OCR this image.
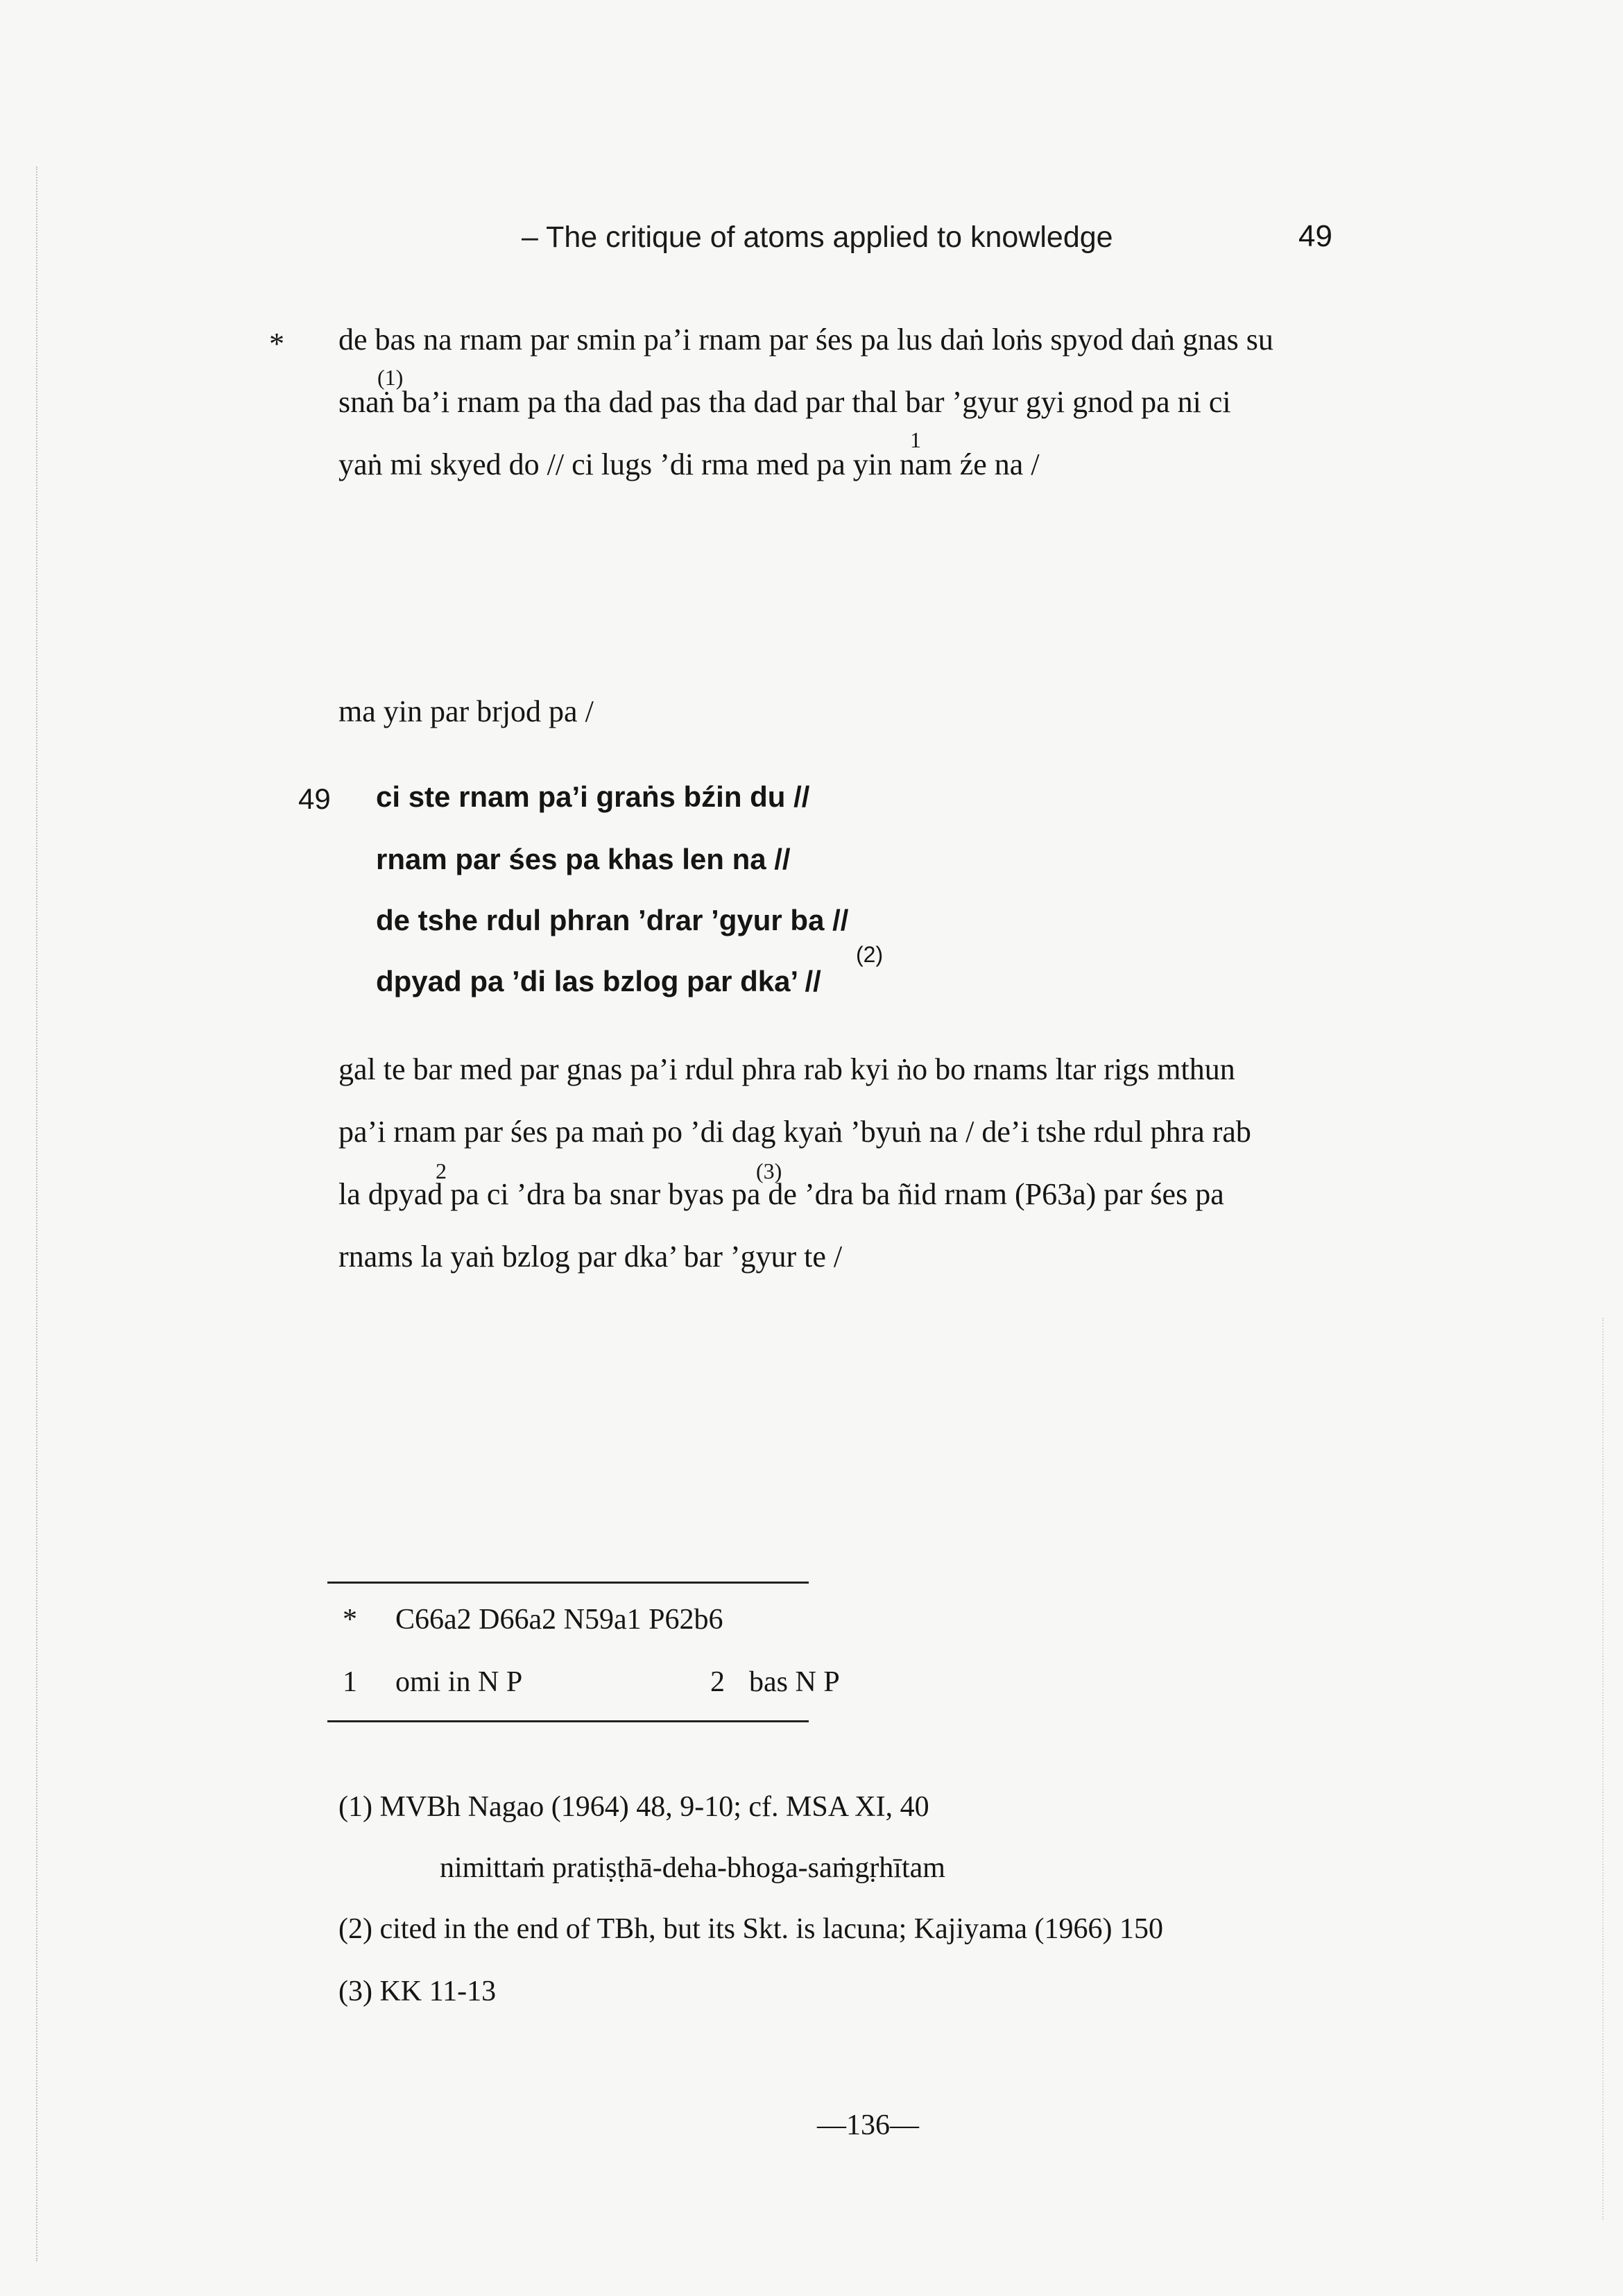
– The critique of atoms applied to knowledge	49
* de bas na rnam par smin pa’i rnam par śes pa lus daṅ loṅs spyod daṅ gnas su
(1)
snaṅ ba’i rnam pa tha dad pas tha dad par thal bar ’gyur gyi gnod pa ni ci
1
yaṅ mi skyed do // ci lugs ’di rma med pa yin nam źe na /
ma yin par brjod pa /
49 ci ste rnam pa’i graṅs bźin du //
rnam par śes pa khas len na //
de tshe rdul phran ’drar ’gyur ba //
dpyad pa ’di las bzlog par dka’ //
(2)
gal te bar med par gnas pa’i rdul phra rab kyi ṅo bo rnams ltar rigs mthun
pa’i rnam par śes pa maṅ po ’di dag kyaṅ ’byuṅ na / de’i tshe rdul phra rab
2	(3)
la dpyad pa ci ’dra ba snar byas pa de ’dra ba ñid rnam (P63a) par śes pa
rnams la yaṅ bzlog par dka’ bar ’gyur te /
* C66a2 D66a2 N59a1 P62b6
1 omi in N P	2 bas N P
(1) MVBh Nagao (1964) 48, 9-10; cf. MSA XI, 40
nimittaṁ pratiṣṭhā-deha-bhoga-saṁgṛhītam
(2) cited in the end of TBh, but its Skt. is lacuna; Kajiyama (1966) 150
(3) KK 11-13
—136—
